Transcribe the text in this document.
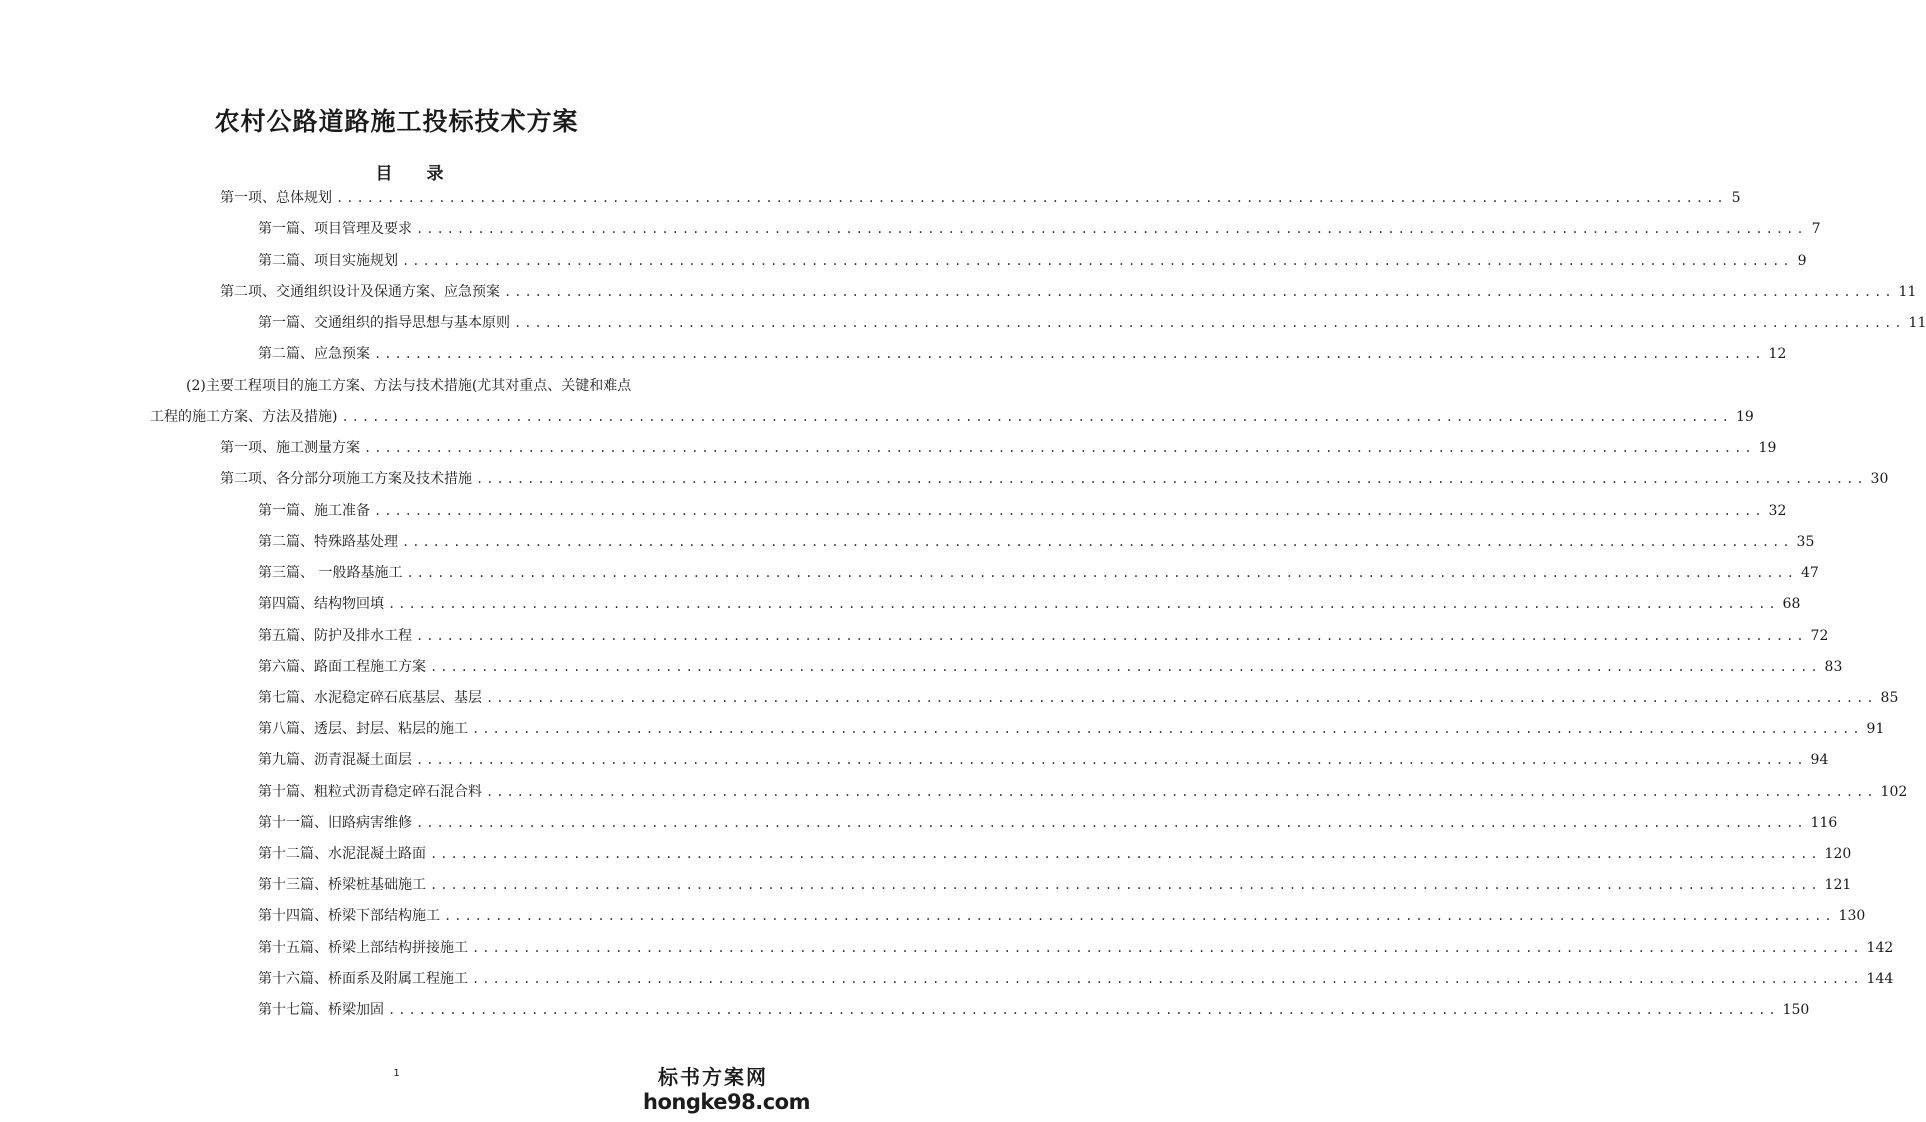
农村公路道路施工投标技术方案
目 录
第一项、总体规划 .....	5
第一篇、项目管理及要求 .....	7
第二篇、项目实施规划 .....	9
第二项、交通组织设计及保通方案、应急预案 .....	11
第一篇、交通组织的指导思想与基本原则 .....	11
第二篇、应急预案 .....	12
(2)主要工程项目的施工方案、方法与技术措施(尤其对重点、关键和难点
工程的施工方案、方法及措施) .....	19
第一项、施工测量方案 .....	19
第二项、各分部分项施工方案及技术措施 .....	30
第一篇、施工准备 .....	32
第二篇、特殊路基处理 .....	35
第三篇、 一般路基施工 .....	47
第四篇、结构物回填 .....	68
第五篇、防护及排水工程 .....	72
第六篇、路面工程施工方案 .....	83
第七篇、水泥稳定碎石底基层、基层 .....	85
第八篇、透层、封层、粘层的施工 .....	91
第九篇、沥青混凝土面层 .....	94
第十篇、粗粒式沥青稳定碎石混合料 .....	102
第十一篇、旧路病害维修 .....	116
第十二篇、水泥混凝土路面 .....	120
第十三篇、桥梁桩基础施工 .....	121
第十四篇、桥梁下部结构施工 .....	130
第十五篇、桥梁上部结构拼接施工 .....	142
第十六篇、桥面系及附属工程施工 .....	144
第十七篇、桥梁加固 .....	150
1	标书方案网
hongke98.com
